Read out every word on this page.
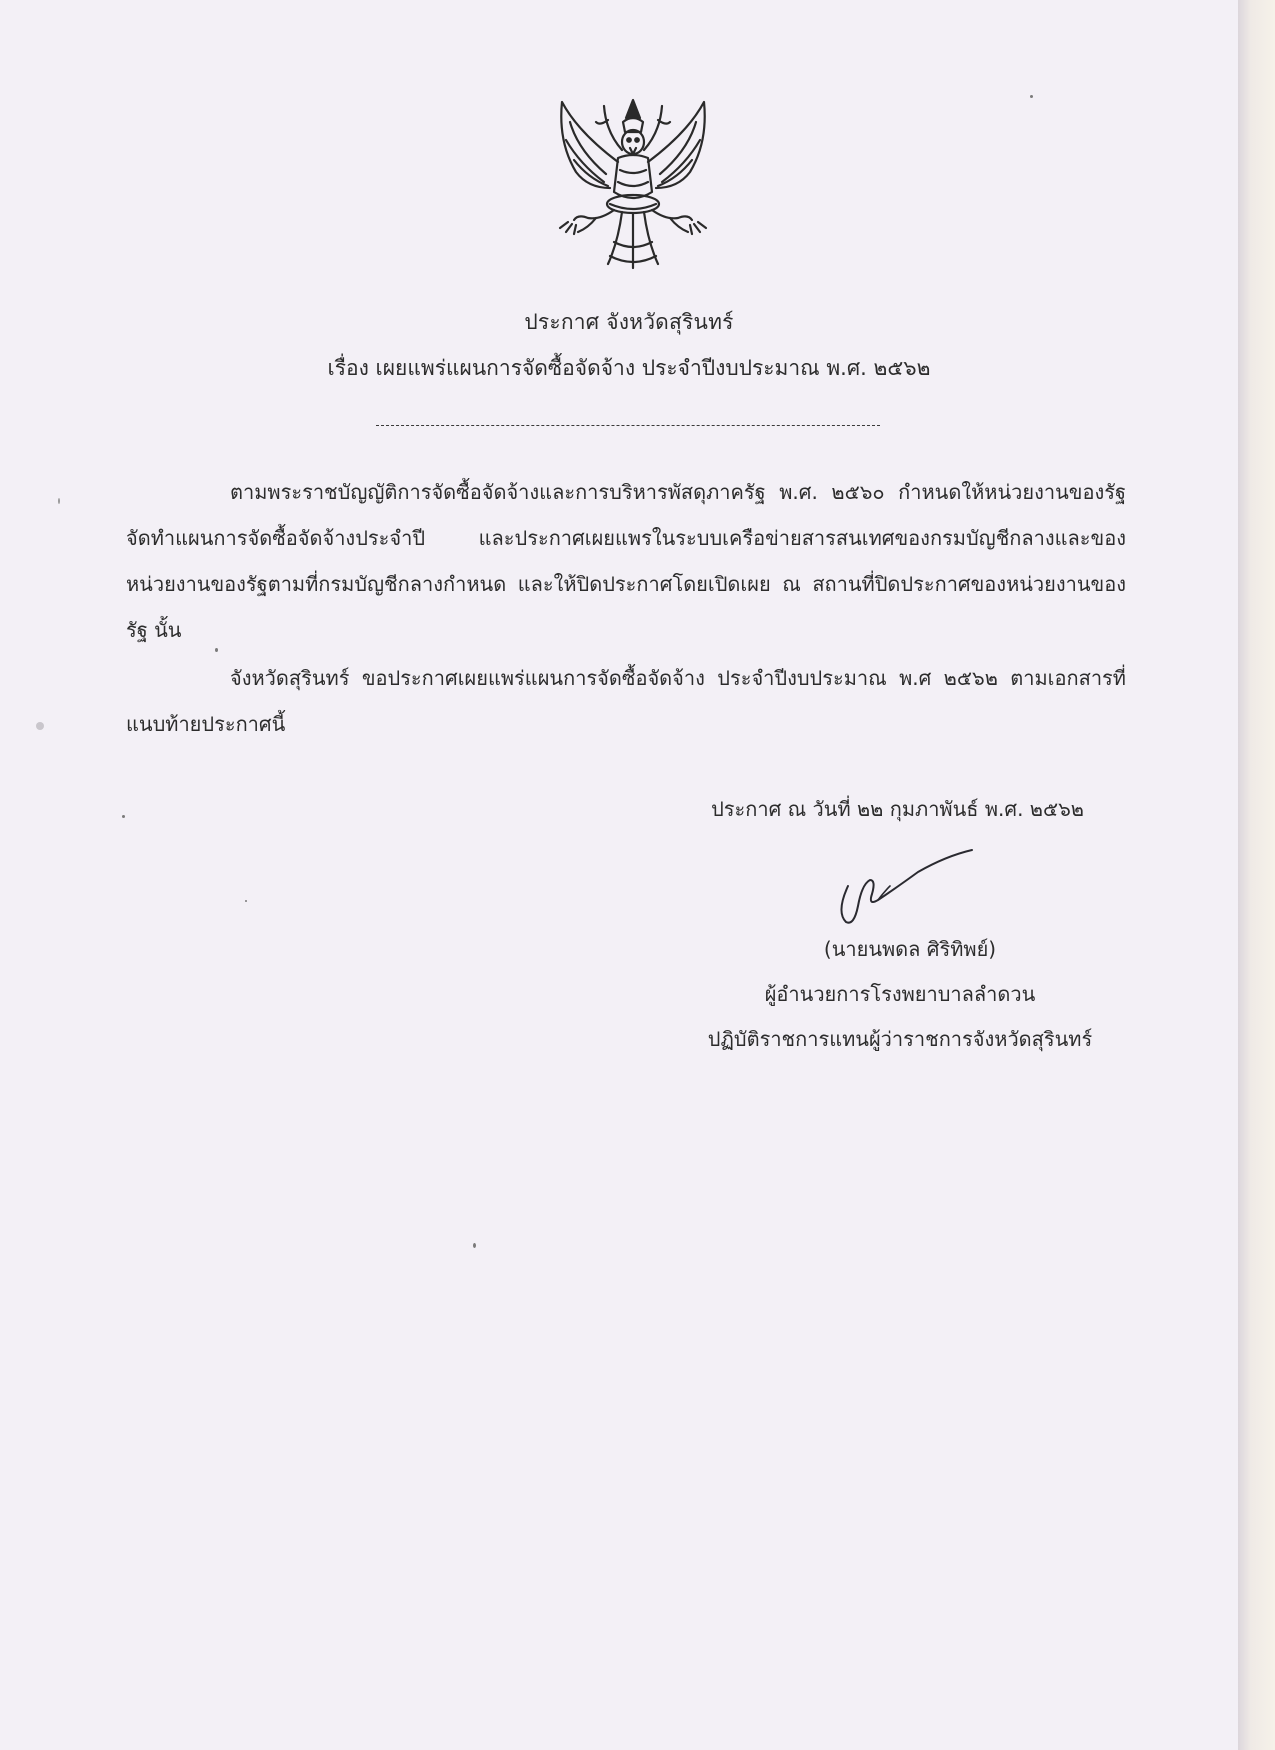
ประกาศ จังหวัดสุรินทร์
เรื่อง เผยแพร่แผนการจัดซื้อจัดจ้าง ประจำปีงบประมาณ พ.ศ. ๒๕๖๒
ตามพระราชบัญญัติการจัดซื้อจัดจ้างและการบริหารพัสดุภาครัฐ พ.ศ. ๒๕๖๐ กำหนดให้หน่วยงานของรัฐจัดทำแผนการจัดซื้อจัดจ้างประจำปี และประกาศเผยแพรในระบบเครือข่ายสารสนเทศของกรมบัญชีกลางและของหน่วยงานของรัฐตามที่กรมบัญชีกลางกำหนด และให้ปิดประกาศโดยเปิดเผย ณ สถานที่ปิดประกาศของหน่วยงานของรัฐ นั้น
จังหวัดสุรินทร์ ขอประกาศเผยแพร่แผนการจัดซื้อจัดจ้าง ประจำปีงบประมาณ พ.ศ ๒๕๖๒ ตามเอกสารที่แนบท้ายประกาศนี้
ประกาศ ณ วันที่ ๒๒ กุมภาพันธ์ พ.ศ. ๒๕๖๒
(นายนพดล ศิริทิพย์)
ผู้อำนวยการโรงพยาบาลลำดวน
ปฏิบัติราชการแทนผู้ว่าราชการจังหวัดสุรินทร์
